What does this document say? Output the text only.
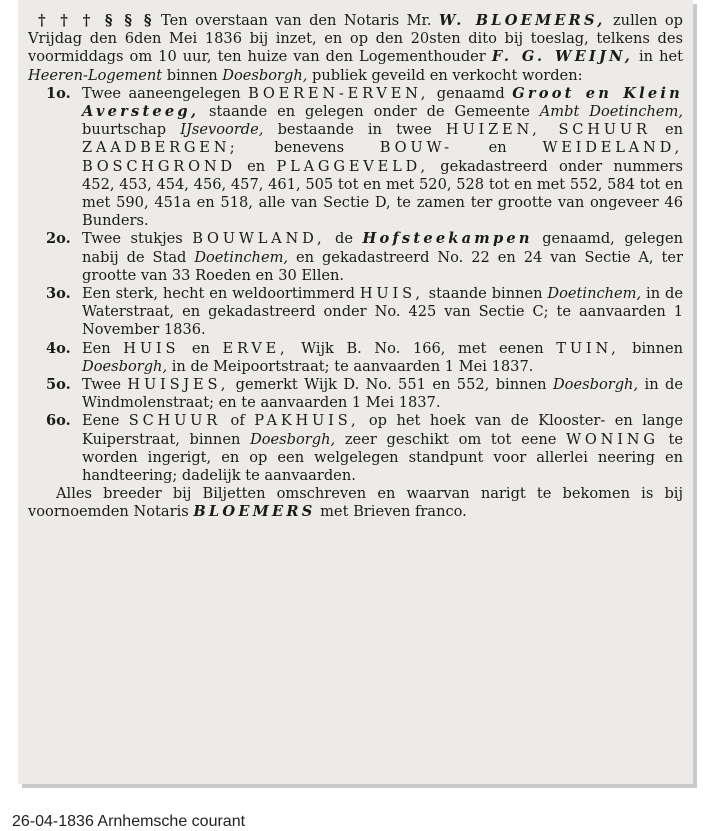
† † † § § § Ten overstaan van den Notaris Mr. W. BLOEMERS, zullen op Vrijdag den 6den Mei 1836 bij inzet, en op den 20sten dito bij toeslag, telkens des voormiddags om 10 uur, ten huize van den Logementhouder F. G. WEIJN, in het Heeren-Logement binnen Doesborgh, publiek geveild en verkocht worden:

1o. Twee aaneengelegen BOEREN-ERVEN, genaamd Groot en Klein Aversteeg, staande en gelegen onder de Gemeente Ambt Doetinchem, buurtschap IJsevoorde, bestaande in twee HUIZEN, SCHUUR en ZAADBERGEN; benevens BOUW- en WEIDELAND, BOSCHGROND en PLAGGEVELD, gekadastreerd onder nummers 452, 453, 454, 456, 457, 461, 505 tot en met 520, 528 tot en met 552, 584 tot en met 590, 451a en 518, alle van Sectie D, te zamen ter grootte van ongeveer 46 Bunders.

2o. Twee stukjes BOUWLAND, de Hofsteekampen genaamd, gelegen nabij de Stad Doetinchem, en gekadastreerd No. 22 en 24 van Sectie A, ter grootte van 33 Roeden en 30 Ellen.

3o. Een sterk, hecht en weldoortimmerd HUIS, staande binnen Doetinchem, in de Waterstraat, en gekadastreerd onder No. 425 van Sectie C; te aanvaarden 1 November 1836.

4o. Een HUIS en ERVE, Wijk B. No. 166, met eenen TUIN, binnen Doesborgh, in de Meipoortstraat; te aanvaarden 1 Mei 1837.

5o. Twee HUISJES, gemerkt Wijk D. No. 551 en 552, binnen Doesborgh, in de Windmolenstraat; en te aanvaarden 1 Mei 1837.

6o. Eene SCHUUR of PAKHUIS, op het hoek van de Klooster- en lange Kuiperstraat, binnen Doesborgh, zeer geschikt om tot eene WONING te worden ingerigt, en op een welgelegen standpunt voor allerlei neering en handteering; dadelijk te aanvaarden.

Alles breeder bij Biljetten omschreven en waarvan narigt te bekomen is bij voornoemden Notaris BLOEMERS met Brieven franco.

26-04-1836 Arnhemsche courant
